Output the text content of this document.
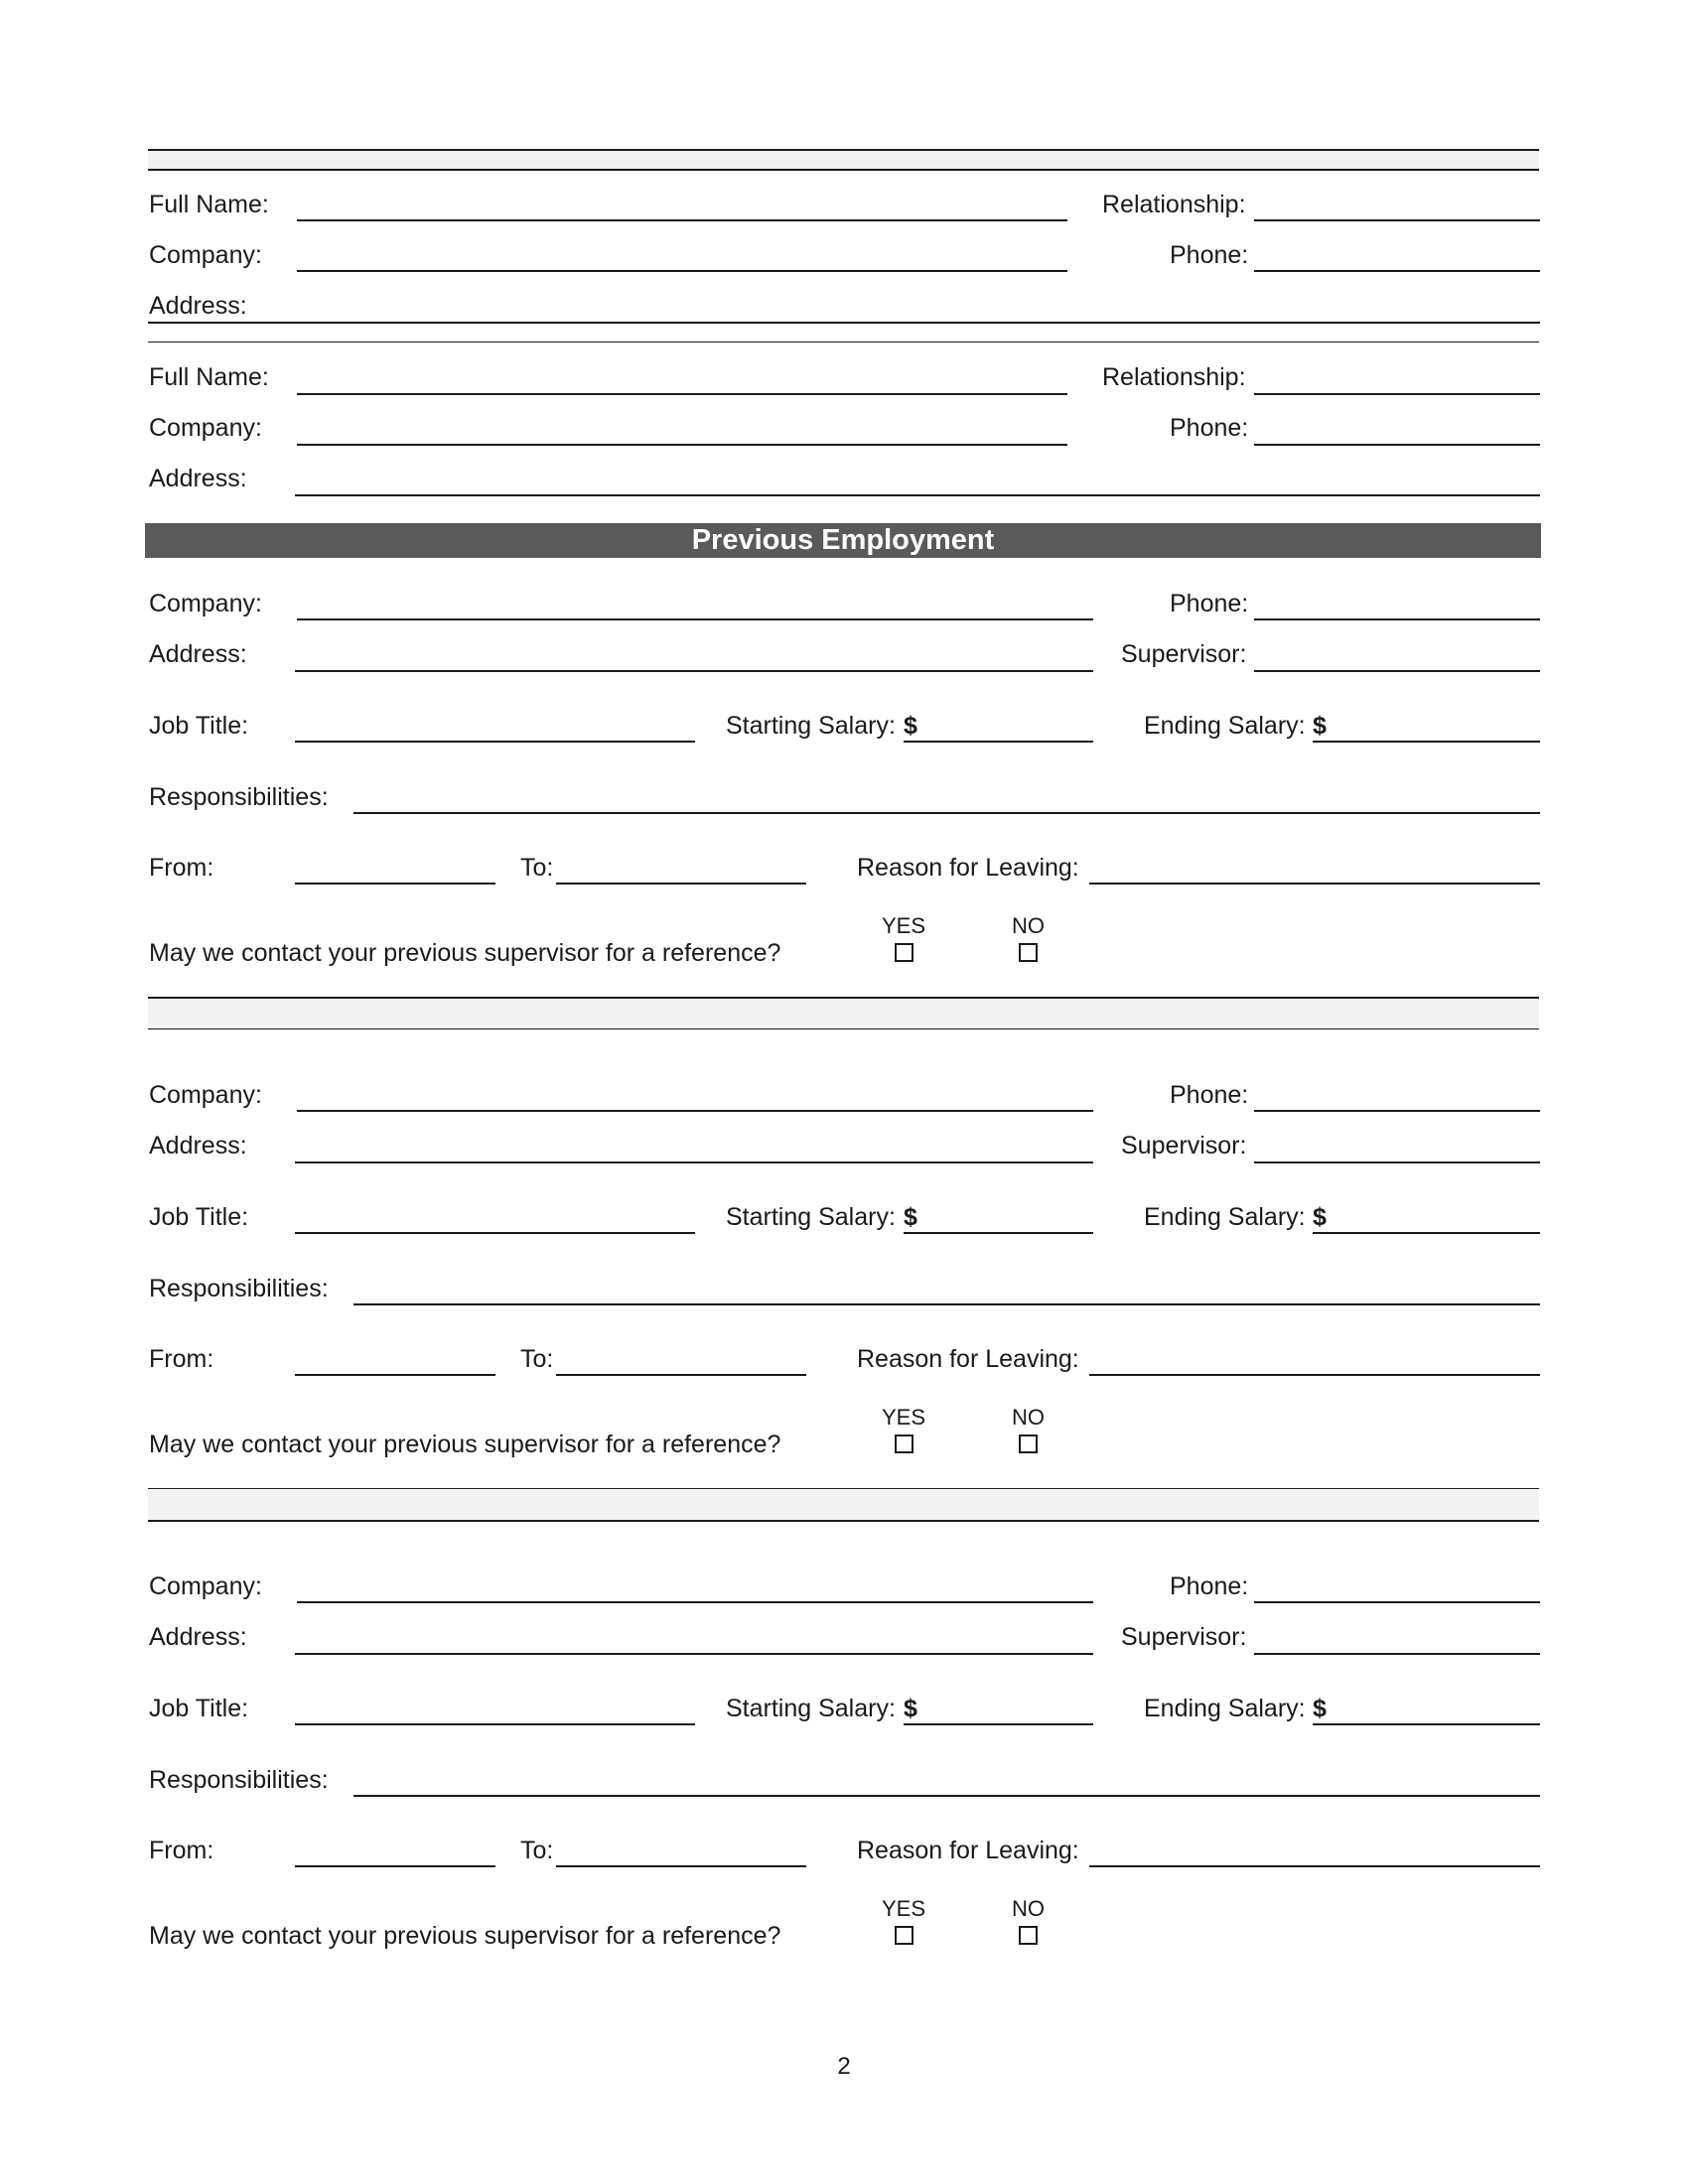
Full Name:	Relationship:
Company:	Phone:
Address:
Full Name:	Relationship:
Company:	Phone:
Address:
Previous Employment
Company:	Phone:
Address:	Supervisor:
Job Title:	Starting Salary: $	Ending Salary: $
Responsibilities:
From:	To:	Reason for Leaving:
YES	NO
May we contact your previous supervisor for a reference?
Company:	Phone:
Address:	Supervisor:
Job Title:	Starting Salary: $	Ending Salary: $
Responsibilities:
From:	To:	Reason for Leaving:
YES	NO
May we contact your previous supervisor for a reference?
Company:	Phone:
Address:	Supervisor:
Job Title:	Starting Salary: $	Ending Salary: $
Responsibilities:
From:	To:	Reason for Leaving:
YES	NO
May we contact your previous supervisor for a reference?
2
